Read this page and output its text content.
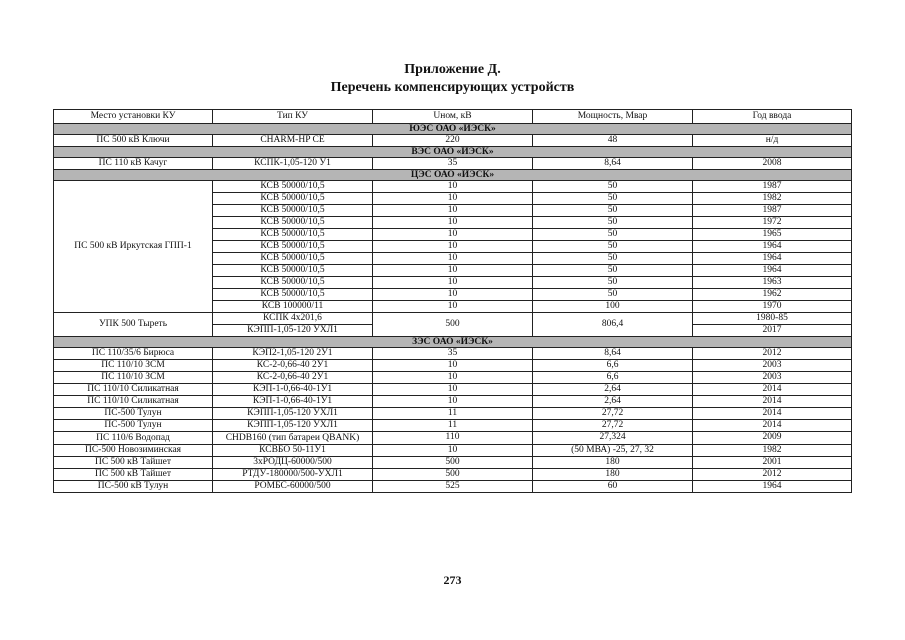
Приложение Д.
Перечень компенсирующих устройств
Место установки КУ	Тип КУ	Uном, кВ	Мощность, Мвар	Год ввода
ЮЭС ОАО «ИЭСК»				
ПС 500 кВ Ключи	CHARM-HP CE	220	48	н/д
ВЭС ОАО «ИЭСК»				
ПС 110 кВ Качуг	КСПК-1,05-120 У1	35	8,64	2008
ЦЭС ОАО «ИЭСК»				
ПС 500 кВ Иркутская ГПП-1	КСВ 50000/10,5	10	50	1987
	КСВ 50000/10,5	10	50	1982
	КСВ 50000/10,5	10	50	1987
	КСВ 50000/10,5	10	50	1972
	КСВ 50000/10,5	10	50	1965
	КСВ 50000/10,5	10	50	1964
	КСВ 50000/10,5	10	50	1964
	КСВ 50000/10,5	10	50	1964
	КСВ 50000/10,5	10	50	1963
	КСВ 50000/10,5	10	50	1962
	КСВ 100000/11	10	100	1970
УПК 500 Тыреть	КСПК 4х201,6	500	806,4	1980-85
	КЭПП-1,05-120 УХЛ1			2017
ЗЭС ОАО «ИЭСК»				
ПС 110/35/6 Бирюса	КЭП2-1,05-120 2У1	35	8,64	2012
ПС 110/10 ЗСМ	КС-2-0,66-40 2У1	10	6,6	2003
ПС 110/10 ЗСМ	КС-2-0,66-40 2У1	10	6,6	2003
ПС 110/10 Силикатная	КЭП-1-0,66-40-1У1	10	2,64	2014
ПС 110/10 Силикатная	КЭП-1-0,66-40-1У1	10	2,64	2014
ПС-500 Тулун	КЭПП-1,05-120 УХЛ1	11	27,72	2014
ПС-500 Тулун	КЭПП-1,05-120 УХЛ1	11	27,72	2014
ПС 110/6 Водопад	CHDB160 (тип батареи QBANK)	110	27,324	2009
ПС-500 Новозиминская	КСВБО 50-11У1	10	(50 МВА) -25, 27, 32	1982
ПС 500 кВ Тайшет	3хРОДЦ-60000/500	500	180	2001
ПС 500 кВ Тайшет	РТДУ-180000/500-УХЛ1	500	180	2012
ПС-500 кВ Тулун	РОМБС-60000/500	525	60	1964
273
